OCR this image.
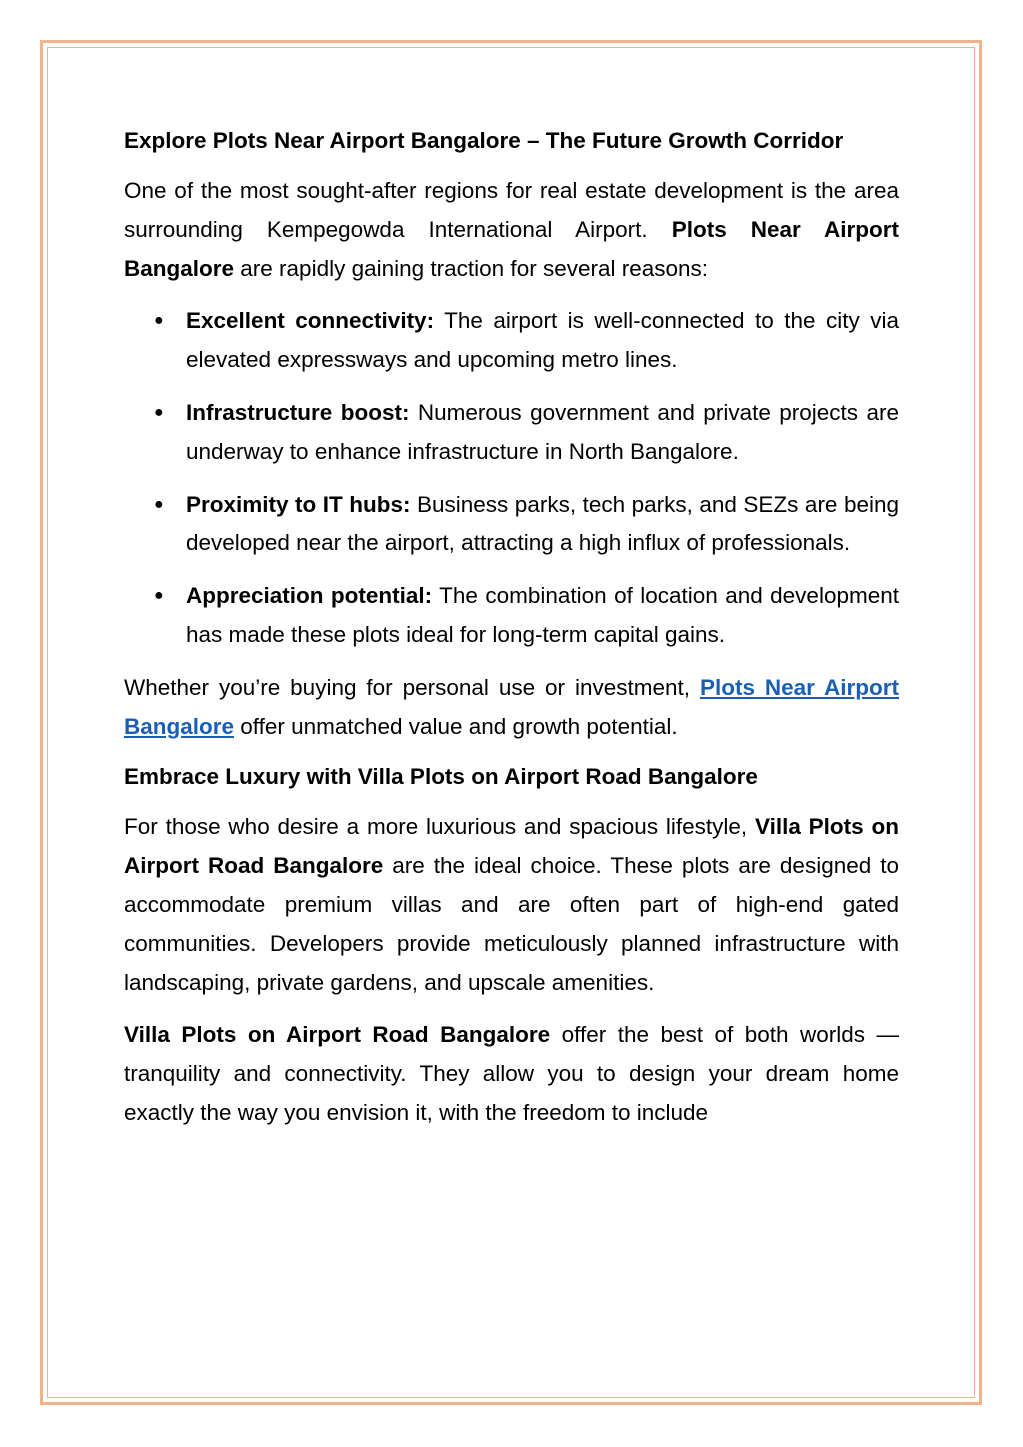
Explore Plots Near Airport Bangalore – The Future Growth Corridor

One of the most sought-after regions for real estate development is the area surrounding Kempegowda International Airport. Plots Near Airport Bangalore are rapidly gaining traction for several reasons:

● Excellent connectivity: The airport is well-connected to the city via elevated expressways and upcoming metro lines.
● Infrastructure boost: Numerous government and private projects are underway to enhance infrastructure in North Bangalore.
● Proximity to IT hubs: Business parks, tech parks, and SEZs are being developed near the airport, attracting a high influx of professionals.
● Appreciation potential: The combination of location and development has made these plots ideal for long-term capital gains.

Whether you’re buying for personal use or investment, Plots Near Airport Bangalore offer unmatched value and growth potential.

Embrace Luxury with Villa Plots on Airport Road Bangalore

For those who desire a more luxurious and spacious lifestyle, Villa Plots on Airport Road Bangalore are the ideal choice. These plots are designed to accommodate premium villas and are often part of high-end gated communities. Developers provide meticulously planned infrastructure with landscaping, private gardens, and upscale amenities.

Villa Plots on Airport Road Bangalore offer the best of both worlds — tranquility and connectivity. They allow you to design your dream home exactly the way you envision it, with the freedom to include
